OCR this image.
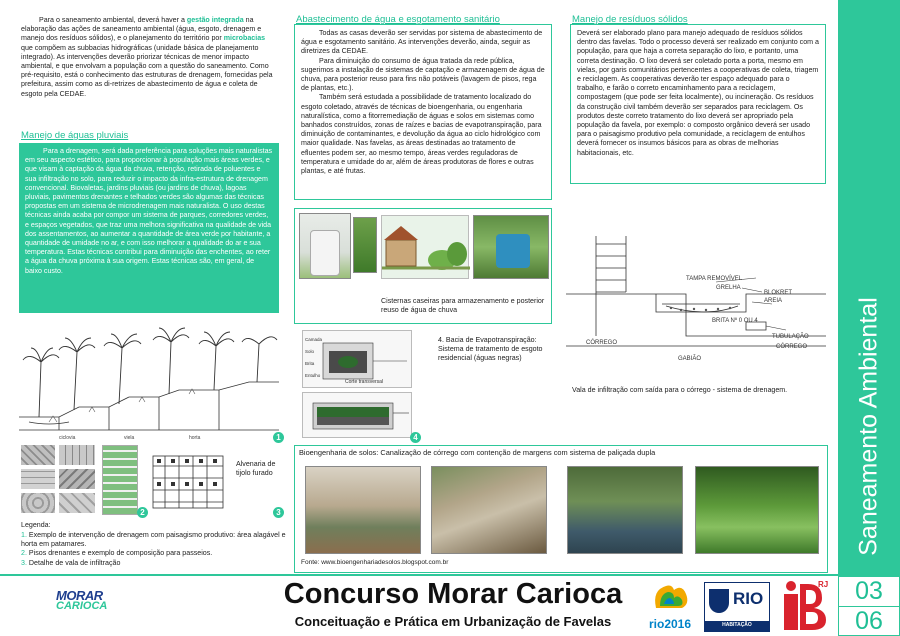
Para o saneamento ambiental, deverá haver a gestão integrada na elaboração das ações de saneamento ambiental (água, esgoto, drenagem e manejo dos resíduos sólidos), e o planejamento do território por microbacias que compõem as subbacias hidrográficas (unidade básica de planejamento integrado). As intervenções deverão priorizar técnicas de menor impacto ambiental, e que envolvam a população com a questão do saneamento. Como pré-requisito, está o conhecimento das estruturas de drenagem, fornecidas pela prefeitura, assim como as di-retrizes de abastecimento de água e coleta de esgoto pela CEDAE.
Manejo de águas pluviais
Para a drenagem, será dada preferência para soluções mais naturalistas em seu aspecto estético, para proporcionar à população mais áreas verdes, e que visam à captação da água da chuva, retenção, retirada de poluentes e sua infiltração no solo, para reduzir o impacto da infra-estrutura de drenagem convencional. Biovaletas, jardins pluviais (ou jardins de chuva), lagoas pluviais, pavimentos drenantes e telhados verdes são algumas das técnicas propostas em um sistema de microdrenagem mais naturalista. O uso destas técnicas ainda acaba por compor um sistema de parques, corredores verdes, e espaços vegetados, que traz uma melhora significativa na qualidade de vida dos assentamentos, ao aumentar a quantidade de área verde por habitante, a quantidade de umidade no ar, e com isso melhorar a qualidade do ar e sua temperatura. Estas técnicas contribui para diminuição das enchentes, ao reter a água da chuva próxima à sua origem. Estas técnicas são, em geral, de baixo custo.
ciclovia	viela	horta	1
2
Alvenaria de tijolo furado
3
Legenda:
1. Exemplo de intervenção de drenagem com paisagismo produtivo: área alagável e horta em patamares.
2. Pisos drenantes e exemplo de composição para passeios.
3. Detalhe de vala de infiltração
Abastecimento de água e esgotamento sanitário
Todas as casas deverão ser servidas por sistema de abastecimento de água e esgotamento sanitário. As intervenções deverão, ainda, seguir as diretrizes da CEDAE.
Para diminuição do consumo de água tratada da rede pública, sugerimos a instalação de sistemas de captação e armazenagem de água de chuva, para posterior reuso para fins não potáveis (lavagem de pisos, rega de plantas, etc.).
Também será estudada a possibilidade de tratamento localizado do esgoto coletado, através de técnicas de bioengenharia, ou engenharia naturalística, como a fitorremediação de águas e solos em sistemas como banhados construídos, zonas de raízes e bacias de evapotranspiração, para diminuição de contaminantes, e devolução da água ao ciclo hidrológico com maior qualidade. Nas favelas, as áreas destinadas ao tratamento de efluentes podem ser, ao mesmo tempo, áreas verdes reguladoras de temperatura e umidade do ar, além de áreas produtoras de flores e outras plantas, e até frutas.
Cisternas caseiras para armazenamento e posterior reuso de água de chuva
Camada
Solo
Brita
Entulho
Corte transversal
4
4. Bacia de Evapotranspiração: Sistema de tratamento de esgoto residencial (águas negras)
Manejo de resíduos sólidos
Deverá ser elaborado plano para manejo adequado de resíduos sólidos dentro das favelas. Todo o processo deverá ser realizado em conjunto com a população, para que haja a correta separação do lixo, e portanto, uma correta destinação. O lixo deverá ser coletado porta a porta, mesmo em vielas, por garis comunitários pertencentes a cooperativas de coleta, triagem e reciclagem. As cooperativas deverão ter espaço adequado para o trabalho, e farão o correto encaminhamento para a reciclagem, compostagem (que pode ser feita localmente), ou incineração. Os resíduos da construção civil também deverão ser separados para reciclagem. Os produtos deste correto tratamento do lixo deverá ser apropriado pela população da favela, por exemplo: o composto orgânico deverá ser usado para o paisagismo produtivo pela comunidade, a reciclagem de entulhos deverá fornecer os insumos básicos para as obras de melhorias habitacionais, etc.
TAMPA REMOVÍVEL
GRELHA
BLOKRET
AREIA
BRITA Nº 0 OU 4
TUBULAÇÃO
CÓRREGO
CÓRREGO
GABIÃO
Vala de infiltração com saída para o córrego - sistema de drenagem.
Bioengenharia de solos: Canalização de córrego com contenção de margens com sistema de paliçada dupla
Fonte: www.bioengenhariadesolos.blogspot.com.br
Saneamento Ambiental
MORAR
CARIOCA	Concurso Morar Carioca
Conceituação e Prática em Urbanização de Favelas	rio2016
RIO
HABITAÇÃO
RJ	03
06
